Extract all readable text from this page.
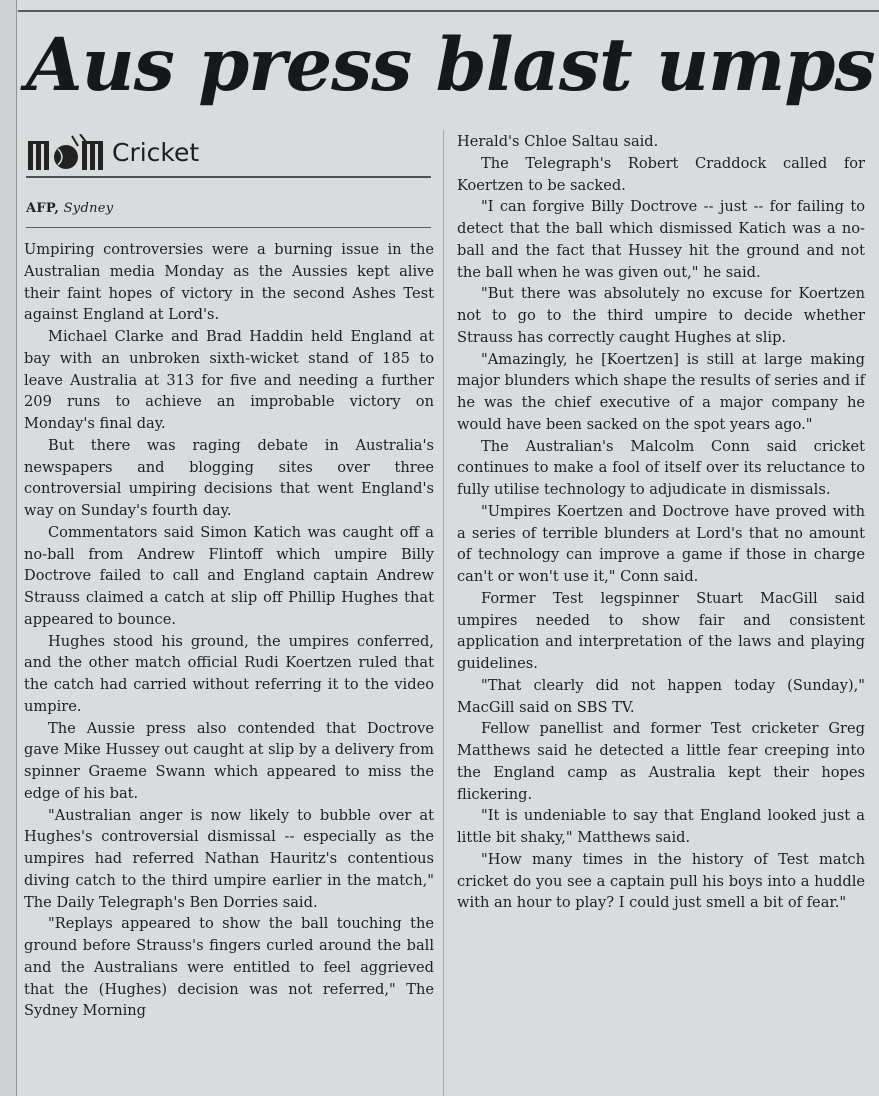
Aus press blast umps
Cricket
AFP, Sydney

Umpiring controversies were a burning issue in the Australian media Monday as the Aussies kept alive their faint hopes of victory in the second Ashes Test against England at Lord's.

Michael Clarke and Brad Haddin held England at bay with an unbroken sixth-wicket stand of 185 to leave Australia at 313 for five and needing a further 209 runs to achieve an improbable victory on Monday's final day.

But there was raging debate in Australia's newspapers and blogging sites over three controversial umpiring decisions that went England's way on Sunday's fourth day.

Commentators said Simon Katich was caught off a no-ball from Andrew Flintoff which umpire Billy Doctrove failed to call and England captain Andrew Strauss claimed a catch at slip off Phillip Hughes that appeared to bounce.

Hughes stood his ground, the umpires conferred, and the other match official Rudi Koertzen ruled that the catch had carried without referring it to the video umpire.

The Aussie press also contended that Doctrove gave Mike Hussey out caught at slip by a delivery from spinner Graeme Swann which appeared to miss the edge of his bat.

"Australian anger is now likely to bubble over at Hughes's controversial dismissal -- especially as the umpires had referred Nathan Hauritz's contentious diving catch to the third umpire earlier in the match," The Daily Telegraph's Ben Dorries said.

"Replays appeared to show the ball touching the ground before Strauss's fingers curled around the ball and the Australians were entitled to feel aggrieved that the (Hughes) decision was not referred," The Sydney Morning

Herald's Chloe Saltau said.

The Telegraph's Robert Craddock called for Koertzen to be sacked.

"I can forgive Billy Doctrove -- just -- for failing to detect that the ball which dismissed Katich was a no-ball and the fact that Hussey hit the ground and not the ball when he was given out," he said.

"But there was absolutely no excuse for Koertzen not to go to the third umpire to decide whether Strauss has correctly caught Hughes at slip.

"Amazingly, he [Koertzen] is still at large making major blunders which shape the results of series and if he was the chief executive of a major company he would have been sacked on the spot years ago."

The Australian's Malcolm Conn said cricket continues to make a fool of itself over its reluctance to fully utilise technology to adjudicate in dismissals.

"Umpires Koertzen and Doctrove have proved with a series of terrible blunders at Lord's that no amount of technology can improve a game if those in charge can't or won't use it," Conn said.

Former Test legspinner Stuart MacGill said umpires needed to show fair and consistent application and interpretation of the laws and playing guidelines.

"That clearly did not happen today (Sunday)," MacGill said on SBS TV.

Fellow panellist and former Test cricketer Greg Matthews said he detected a little fear creeping into the England camp as Australia kept their hopes flickering.

"It is undeniable to say that England looked just a little bit shaky," Matthews said.

"How many times in the history of Test match cricket do you see a captain pull his boys into a huddle with an hour to play? I could just smell a bit of fear."
